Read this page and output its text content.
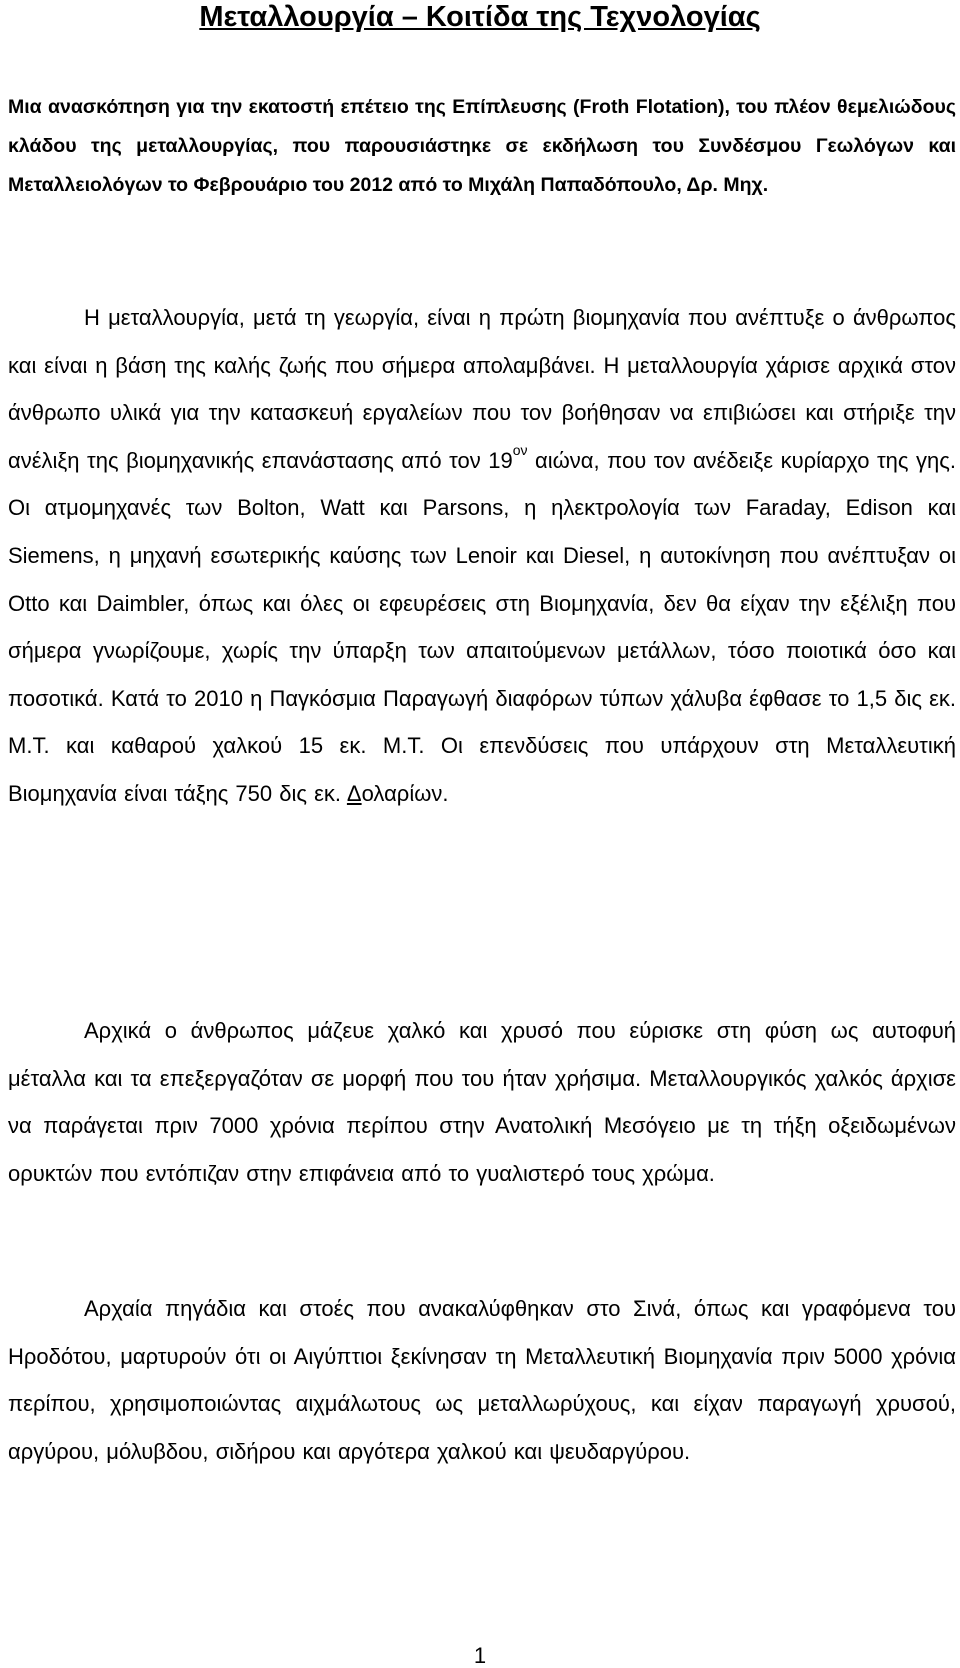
Μεταλλουργία – Κοιτίδα της Τεχνολογίας

Μια ανασκόπηση για την εκατοστή επέτειο της Επίπλευσης (Froth Flotation), του πλέον θεμελιώδους κλάδου της μεταλλουργίας, που παρουσιάστηκε σε εκδήλωση του Συνδέσμου Γεωλόγων και Μεταλλειολόγων το Φεβρουάριο του 2012 από το Μιχάλη Παπαδόπουλο, Δρ. Μηχ.

Η μεταλλουργία, μετά τη γεωργία, είναι η πρώτη βιομηχανία που ανέπτυξε ο άνθρωπος και είναι η βάση της καλής ζωής που σήμερα απολαμβάνει. Η μεταλλουργία χάρισε αρχικά στον άνθρωπο υλικά για την κατασκευή εργαλείων που τον βοήθησαν να επιβιώσει και στήριξε την ανέλιξη της βιομηχανικής επανάστασης από τον $19^{o\nu}$ αιώνα, που τον ανέδειξε κυρίαρχο της γης. Οι ατμομηχανές των Bolton, Watt και Parsons, η ηλεκτρολογία των Faraday, Edison και Siemens, η μηχανή εσωτερικής καύσης των Lenoir και Diesel, η αυτοκίνηση που ανέπτυξαν οι Otto και Daimbler, όπως και όλες οι εφευρέσεις στη Βιομηχανία, δεν θα είχαν την εξέλιξη που σήμερα γνωρίζουμε, χωρίς την ύπαρξη των απαιτούμενων μετάλλων, τόσο ποιοτικά όσο και ποσοτικά. Κατά το 2010 η Παγκόσμια Παραγωγή διαφόρων τύπων χάλυβα έφθασε το 1,5 δις εκ. Μ.Τ. και καθαρού χαλκού 15 εκ. Μ.Τ. Οι επενδύσεις που υπάρχουν στη Μεταλλευτική Βιομηχανία είναι τάξης 750 δις εκ. Δολαρίων.

Αρχικά ο άνθρωπος μάζευε χαλκό και χρυσό που εύρισκε στη φύση ως αυτοφυή μέταλλα και τα επεξεργαζόταν σε μορφή που του ήταν χρήσιμα. Μεταλλουργικός χαλκός άρχισε να παράγεται πριν 7000 χρόνια περίπου στην Ανατολική Μεσόγειο με τη τήξη οξειδωμένων ορυκτών που εντόπιζαν στην επιφάνεια από το γυαλιστερό τους χρώμα.

Αρχαία πηγάδια και στοές που ανακαλύφθηκαν στο Σινά, όπως και γραφόμενα του Ηροδότου, μαρτυρούν ότι οι Αιγύπτιοι ξεκίνησαν τη Μεταλλευτική Βιομηχανία πριν 5000 χρόνια περίπου, χρησιμοποιώντας αιχμάλωτους ως μεταλλωρύχους, και είχαν παραγωγή χρυσού, αργύρου, μόλυβδου, σιδήρου και αργότερα χαλκού και ψευδαργύρου.

1
